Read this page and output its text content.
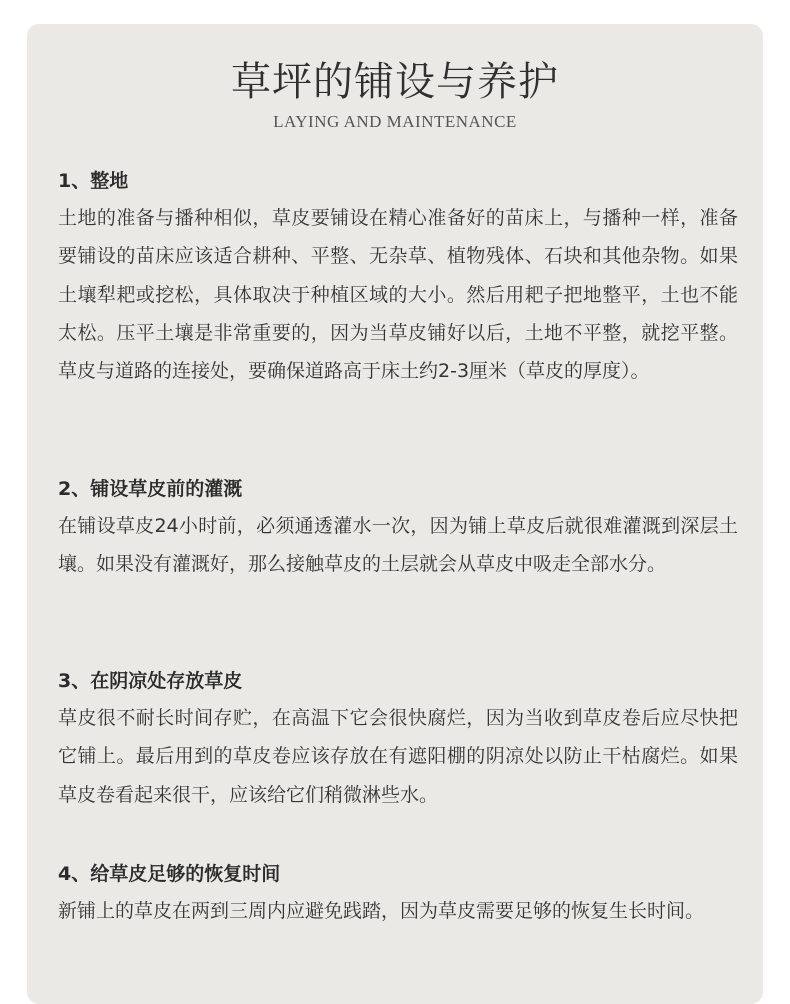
草坪的铺设与养护
LAYING AND MAINTENANCE

1、整地

土地的准备与播种相似，草皮要铺设在精心准备好的苗床上，与播种一样，准备要铺设的苗床应该适合耕种、平整、无杂草、植物残体、石块和其他杂物。如果土壤犁耙或挖松，具体取决于种植区域的大小。然后用耙子把地整平，土也不能太松。压平土壤是非常重要的，因为当草皮铺好以后，土地不平整，就挖平整。草皮与道路的连接处，要确保道路高于床土约2-3厘米（草皮的厚度）。

2、铺设草皮前的灌溉

在铺设草皮24小时前，必须通透灌水一次，因为铺上草皮后就很难灌溉到深层土壤。如果没有灌溉好，那么接触草皮的土层就会从草皮中吸走全部水分。

3、在阴凉处存放草皮

草皮很不耐长时间存贮，在高温下它会很快腐烂，因为当收到草皮卷后应尽快把它铺上。最后用到的草皮卷应该存放在有遮阳棚的阴凉处以防止干枯腐烂。如果草皮卷看起来很干，应该给它们稍微淋些水。

4、给草皮足够的恢复时间

新铺上的草皮在两到三周内应避免践踏，因为草皮需要足够的恢复生长时间。
